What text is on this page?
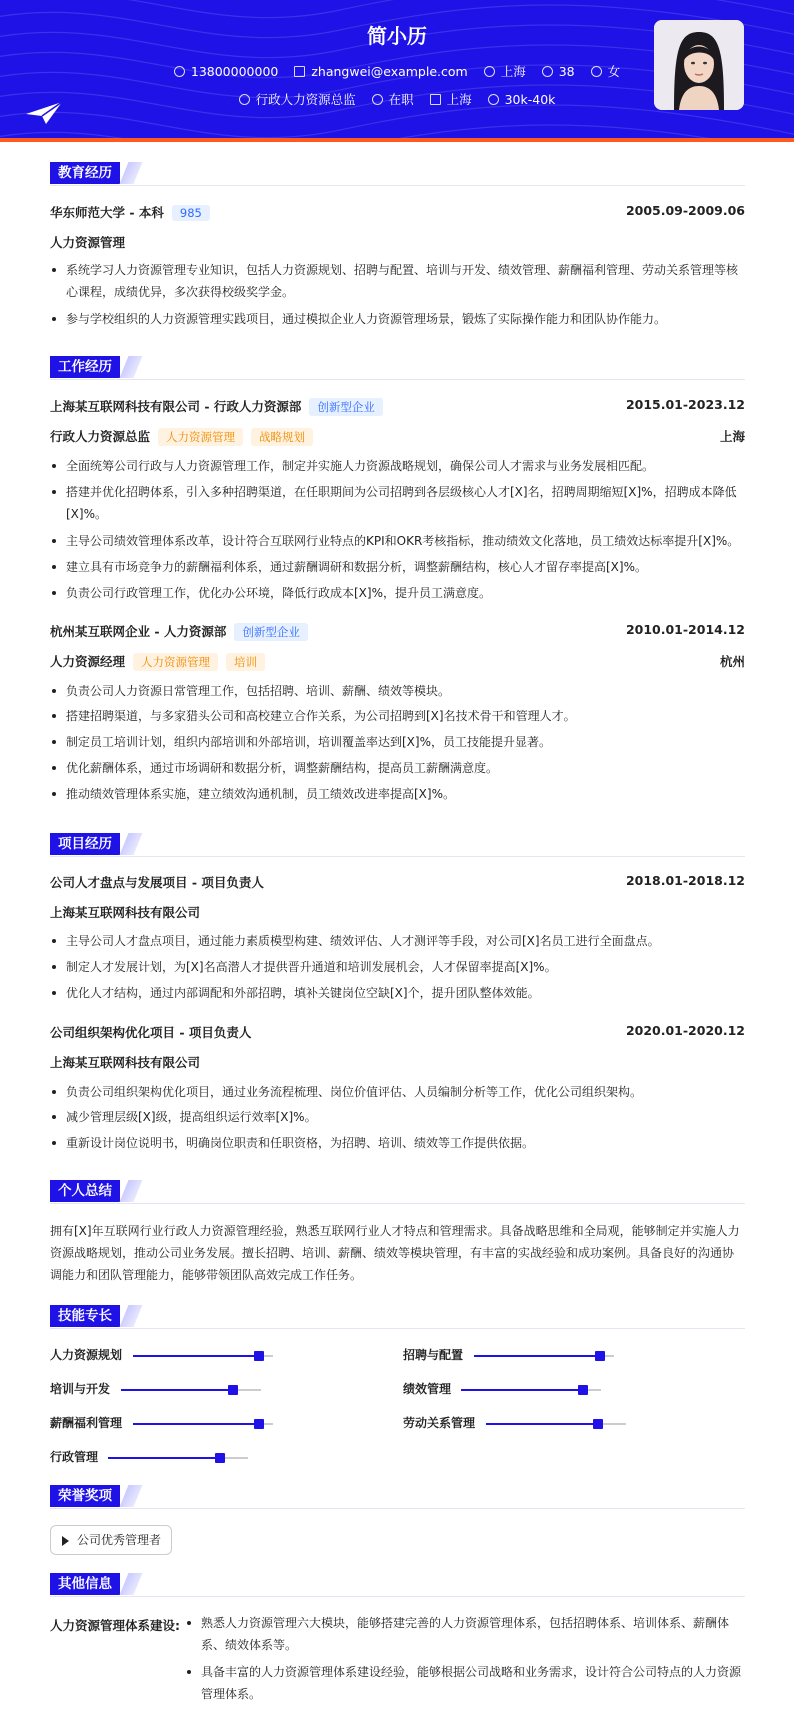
简小历
13800000000	zhangwei@example.com	上海	38	女
行政人力资源总监	在职	上海	30k-40k
教育经历
华东师范大学 - 本科 985	2005.09-2009.06
人力资源管理
系统学习人力资源管理专业知识，包括人力资源规划、招聘与配置、培训与开发、绩效管理、薪酬福利管理、劳动关系管理等核心课程，成绩优异，多次获得校级奖学金。
参与学校组织的人力资源管理实践项目，通过模拟企业人力资源管理场景，锻炼了实际操作能力和团队协作能力。
工作经历
上海某互联网科技有限公司 - 行政人力资源部 创新型企业	2015.01-2023.12
行政人力资源总监 人力资源管理 战略规划	上海
全面统筹公司行政与人力资源管理工作，制定并实施人力资源战略规划，确保公司人才需求与业务发展相匹配。
搭建并优化招聘体系，引入多种招聘渠道，在任职期间为公司招聘到各层级核心人才[X]名，招聘周期缩短[X]%，招聘成本降低[X]%。
主导公司绩效管理体系改革，设计符合互联网行业特点的KPI和OKR考核指标，推动绩效文化落地，员工绩效达标率提升[X]%。
建立具有市场竞争力的薪酬福利体系，通过薪酬调研和数据分析，调整薪酬结构，核心人才留存率提高[X]%。
负责公司行政管理工作，优化办公环境，降低行政成本[X]%，提升员工满意度。
杭州某互联网企业 - 人力资源部 创新型企业	2010.01-2014.12
人力资源经理 人力资源管理 培训	杭州
负责公司人力资源日常管理工作，包括招聘、培训、薪酬、绩效等模块。
搭建招聘渠道，与多家猎头公司和高校建立合作关系，为公司招聘到[X]名技术骨干和管理人才。
制定员工培训计划，组织内部培训和外部培训，培训覆盖率达到[X]%，员工技能提升显著。
优化薪酬体系，通过市场调研和数据分析，调整薪酬结构，提高员工薪酬满意度。
推动绩效管理体系实施，建立绩效沟通机制，员工绩效改进率提高[X]%。
项目经历
公司人才盘点与发展项目 - 项目负责人	2018.01-2018.12
上海某互联网科技有限公司
主导公司人才盘点项目，通过能力素质模型构建、绩效评估、人才测评等手段，对公司[X]名员工进行全面盘点。
制定人才发展计划，为[X]名高潜人才提供晋升通道和培训发展机会，人才保留率提高[X]%。
优化人才结构，通过内部调配和外部招聘，填补关键岗位空缺[X]个，提升团队整体效能。
公司组织架构优化项目 - 项目负责人	2020.01-2020.12
上海某互联网科技有限公司
负责公司组织架构优化项目，通过业务流程梳理、岗位价值评估、人员编制分析等工作，优化公司组织架构。
减少管理层级[X]级，提高组织运行效率[X]%。
重新设计岗位说明书，明确岗位职责和任职资格，为招聘、培训、绩效等工作提供依据。
个人总结
拥有[X]年互联网行业行政人力资源管理经验，熟悉互联网行业人才特点和管理需求。具备战略思维和全局观，能够制定并实施人力资源战略规划，推动公司业务发展。擅长招聘、培训、薪酬、绩效等模块管理，有丰富的实战经验和成功案例。具备良好的沟通协调能力和团队管理能力，能够带领团队高效完成工作任务。
技能专长
人力资源规划	招聘与配置
培训与开发	绩效管理
薪酬福利管理	劳动关系管理
行政管理
荣誉奖项
公司优秀管理者
其他信息
人力资源管理体系建设:	熟悉人力资源管理六大模块，能够搭建完善的人力资源管理体系，包括招聘体系、培训体系、薪酬体系、绩效体系等。
具备丰富的人力资源管理体系建设经验，能够根据公司战略和业务需求，设计符合公司特点的人力资源管理体系。
